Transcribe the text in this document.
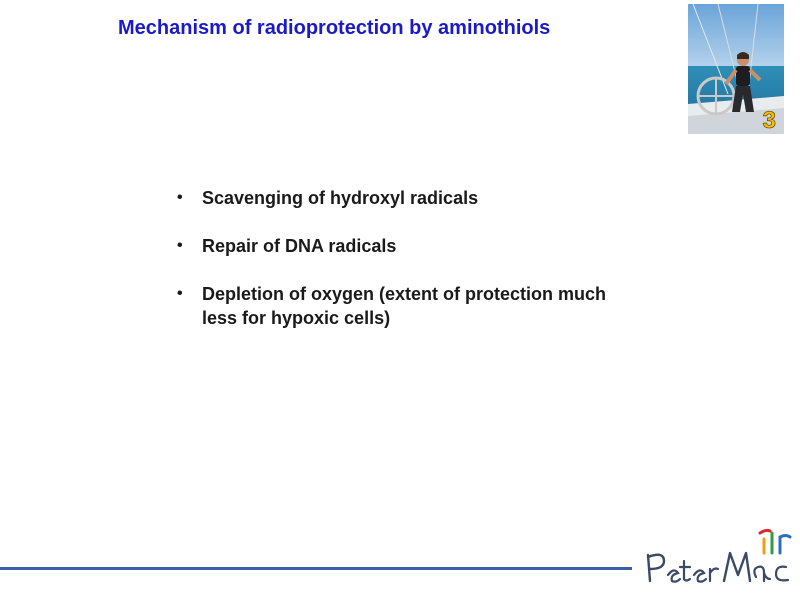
Mechanism of radioprotection by aminothiols
3
• Scavenging of hydroxyl radicals
• Repair of DNA radicals
• Depletion of oxygen (extent of protection much less for hypoxic cells)
